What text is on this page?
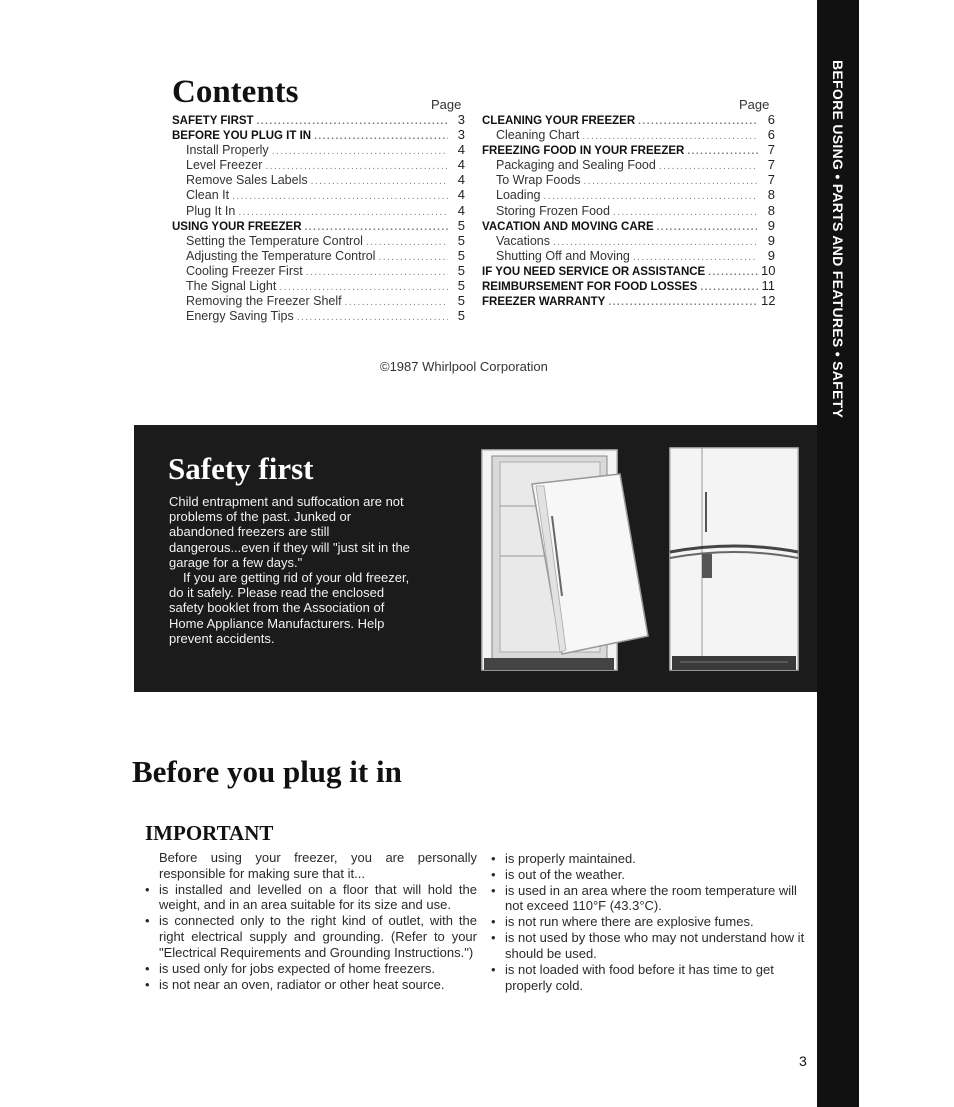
BEFORE USING • PARTS AND FEATURES • SAFETY
Contents	Page	Page
SAFETY FIRST .....	3
BEFORE YOU PLUG IT IN .....	3
Install Properly .....	4
Level Freezer .....	4
Remove Sales Labels .....	4
Clean It .....	4
Plug It In .....	4
USING YOUR FREEZER .....	5
Setting the Temperature Control .....	5
Adjusting the Temperature Control .....	5
Cooling Freezer First .....	5
The Signal Light .....	5
Removing the Freezer Shelf .....	5
Energy Saving Tips .....	5
CLEANING YOUR FREEZER .....	6
Cleaning Chart .....	6
FREEZING FOOD IN YOUR FREEZER .....	7
Packaging and Sealing Food .....	7
To Wrap Foods .....	7
Loading .....	8
Storing Frozen Food .....	8
VACATION AND MOVING CARE .....	9
Vacations .....	9
Shutting Off and Moving .....	9
IF YOU NEED SERVICE OR ASSISTANCE .....	10
REIMBURSEMENT FOR FOOD LOSSES .....	11
FREEZER WARRANTY .....	12
©1987 Whirlpool Corporation
Safety first

Child entrapment and suffocation are not problems of the past. Junked or abandoned freezers are still dangerous...even if they will "just sit in the garage for a few days."

If you are getting rid of your old freezer, do it safely. Please read the enclosed safety booklet from the Association of Home Appliance Manufacturers. Help prevent accidents.

Before you plug it in
IMPORTANT

Before using your freezer, you are personally responsible for making sure that it...

• is installed and levelled on a floor that will hold the weight, and in an area suitable for its size and use.
• is connected only to the right kind of outlet, with the right electrical supply and grounding. (Refer to your "Electrical Requirements and Grounding Instructions.")
• is used only for jobs expected of home freezers.
• is not near an oven, radiator or other heat source.
• is properly maintained.
• is out of the weather.
• is used in an area where the room temperature will not exceed 110°F (43.3°C).
• is not run where there are explosive fumes.
• is not used by those who may not understand how it should be used.
• is not loaded with food before it has time to get properly cold.
3
